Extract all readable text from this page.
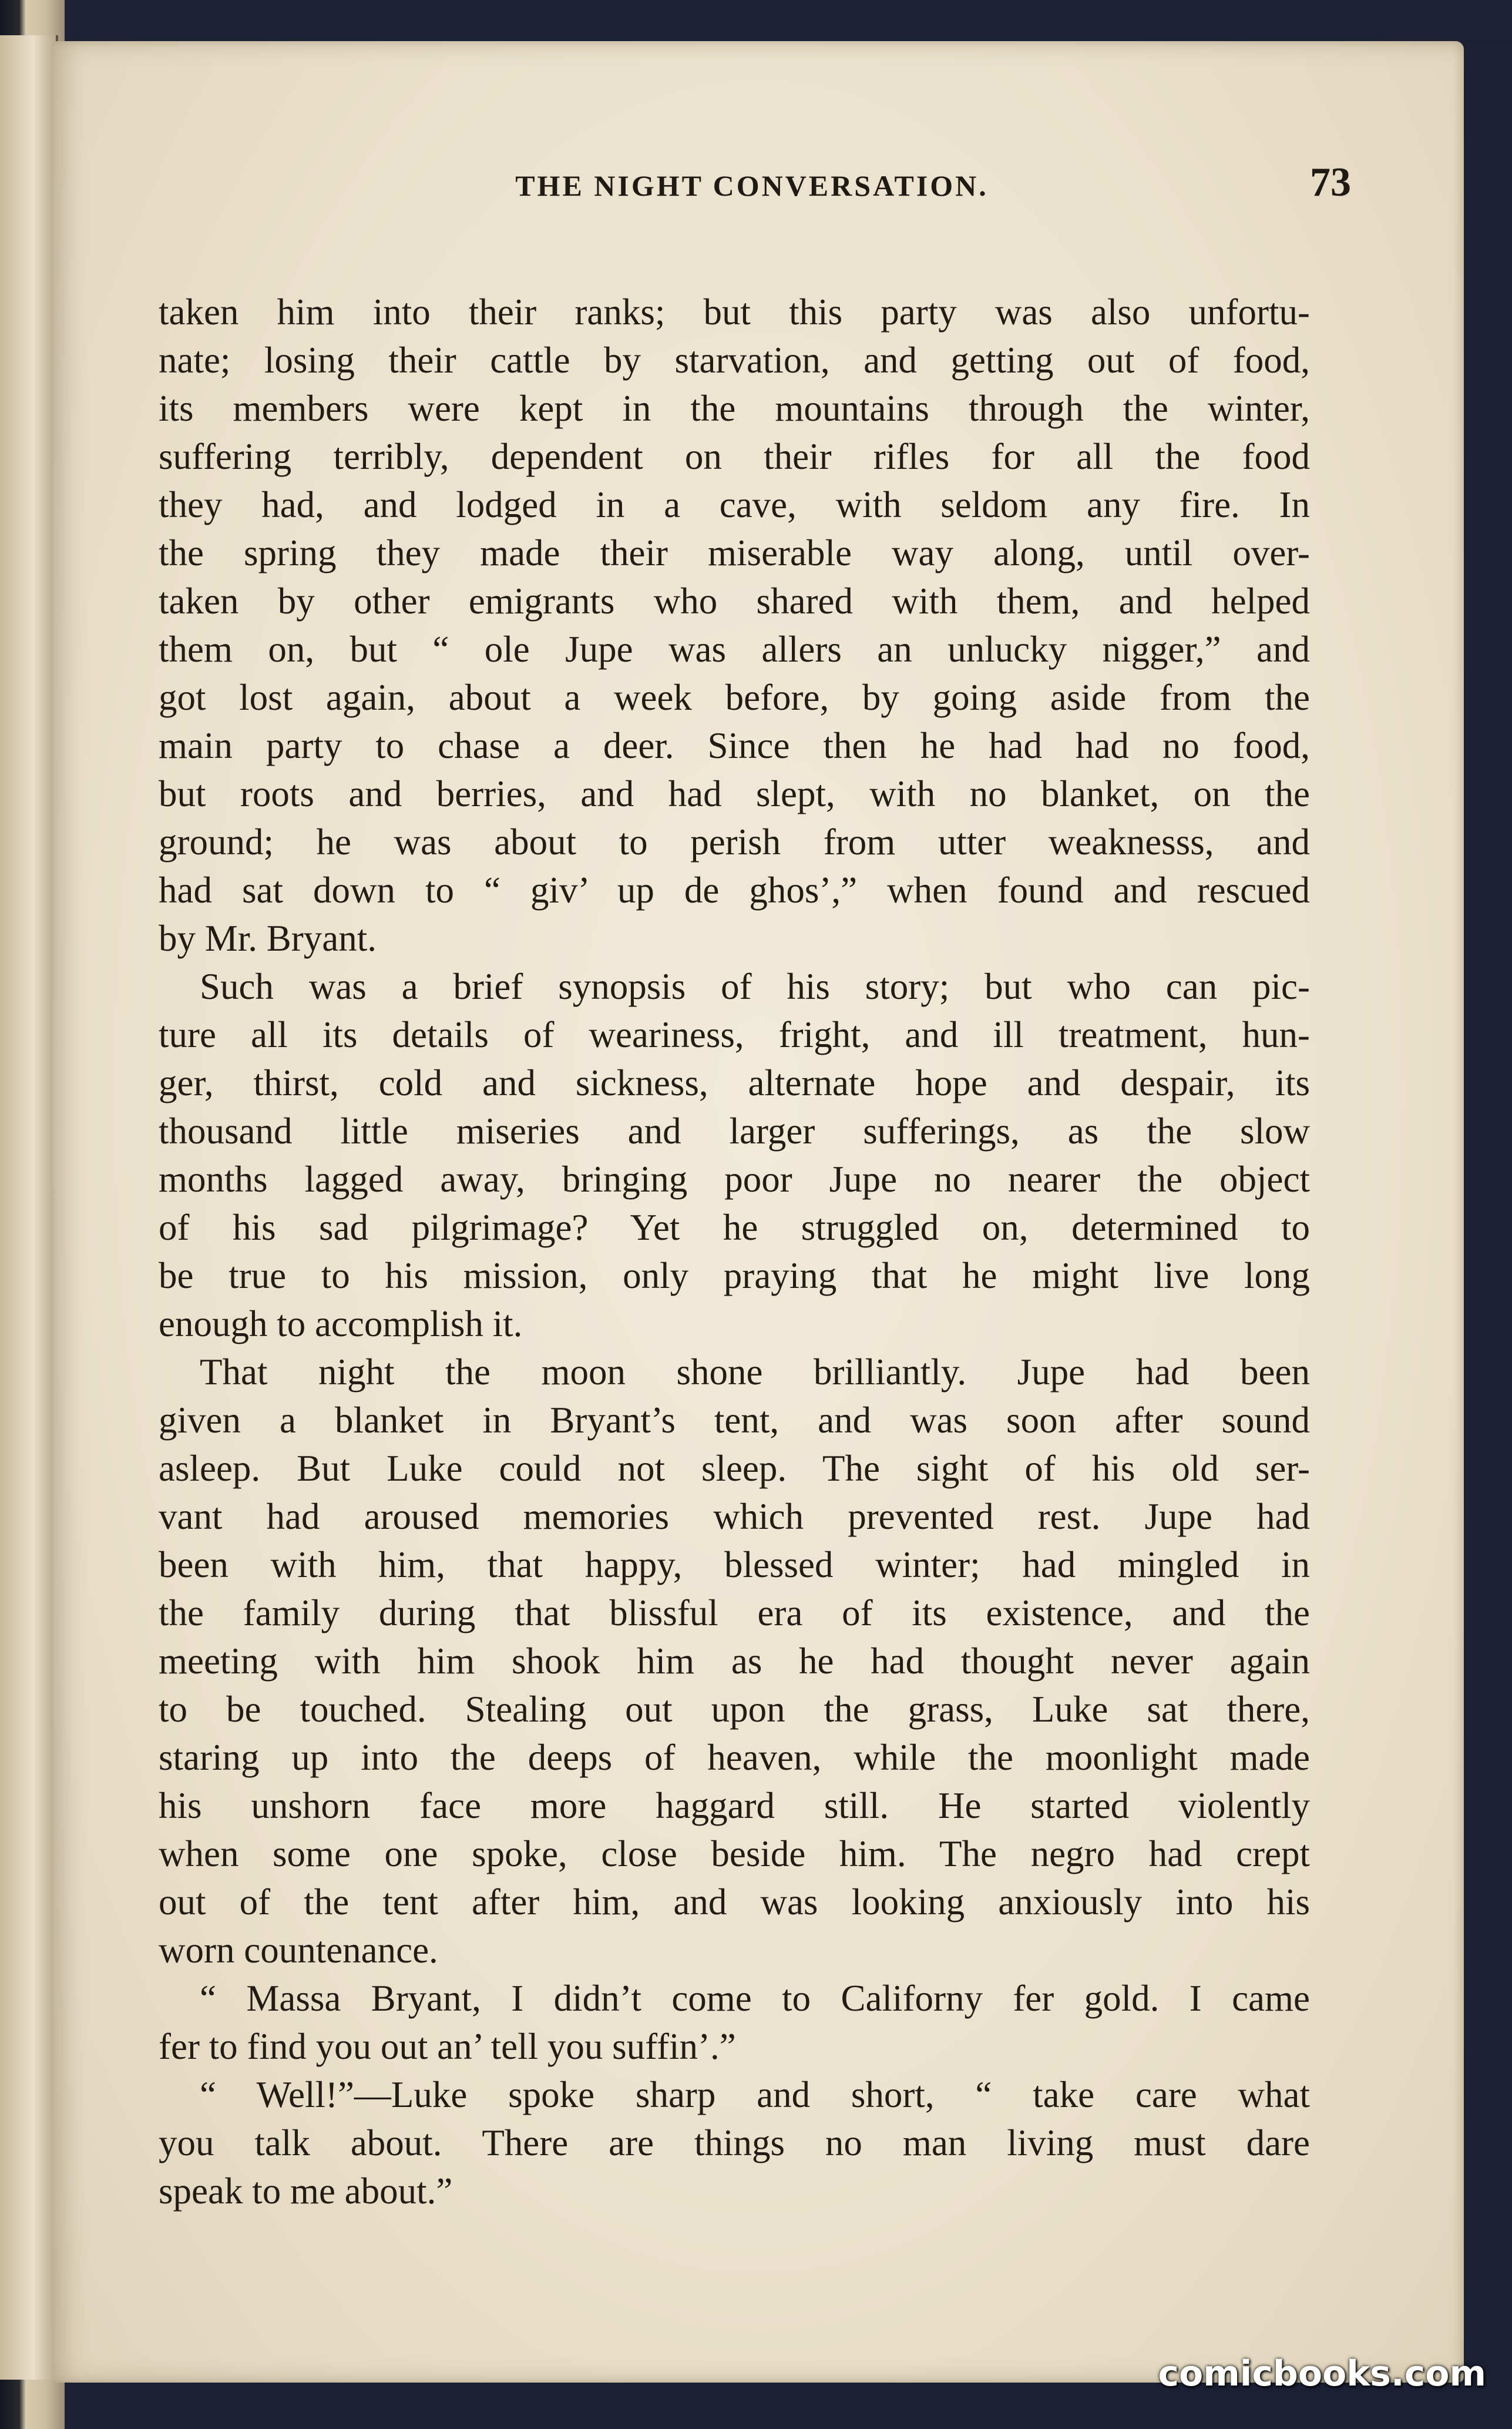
THE NIGHT CONVERSATION.	73
taken him into their ranks; but this party was also unfortu-
nate; losing their cattle by starvation, and getting out of food,
its members were kept in the mountains through the winter,
suffering terribly, dependent on their rifles for all the food
they had, and lodged in a cave, with seldom any fire. In
the spring they made their miserable way along, until over-
taken by other emigrants who shared with them, and helped
them on, but “ ole Jupe was allers an unlucky nigger,” and
got lost again, about a week before, by going aside from the
main party to chase a deer. Since then he had had no food,
but roots and berries, and had slept, with no blanket, on the
ground; he was about to perish from utter weaknesss, and
had sat down to “ giv’ up de ghos’,” when found and rescued
by Mr. Bryant.
Such was a brief synopsis of his story; but who can pic-
ture all its details of weariness, fright, and ill treatment, hun-
ger, thirst, cold and sickness, alternate hope and despair, its
thousand little miseries and larger sufferings, as the slow
months lagged away, bringing poor Jupe no nearer the object
of his sad pilgrimage? Yet he struggled on, determined to
be true to his mission, only praying that he might live long
enough to accomplish it.
That night the moon shone brilliantly. Jupe had been
given a blanket in Bryant’s tent, and was soon after sound
asleep. But Luke could not sleep. The sight of his old ser-
vant had aroused memories which prevented rest. Jupe had
been with him, that happy, blessed winter; had mingled in
the family during that blissful era of its existence, and the
meeting with him shook him as he had thought never again
to be touched. Stealing out upon the grass, Luke sat there,
staring up into the deeps of heaven, while the moonlight made
his unshorn face more haggard still. He started violently
when some one spoke, close beside him. The negro had crept
out of the tent after him, and was looking anxiously into his
worn countenance.
“ Massa Bryant, I didn’t come to Californy fer gold. I came
fer to find you out an’ tell you suffin’.”
“ Well!”—Luke spoke sharp and short, “ take care what
you talk about. There are things no man living must dare
speak to me about.”
comicbooks.com
